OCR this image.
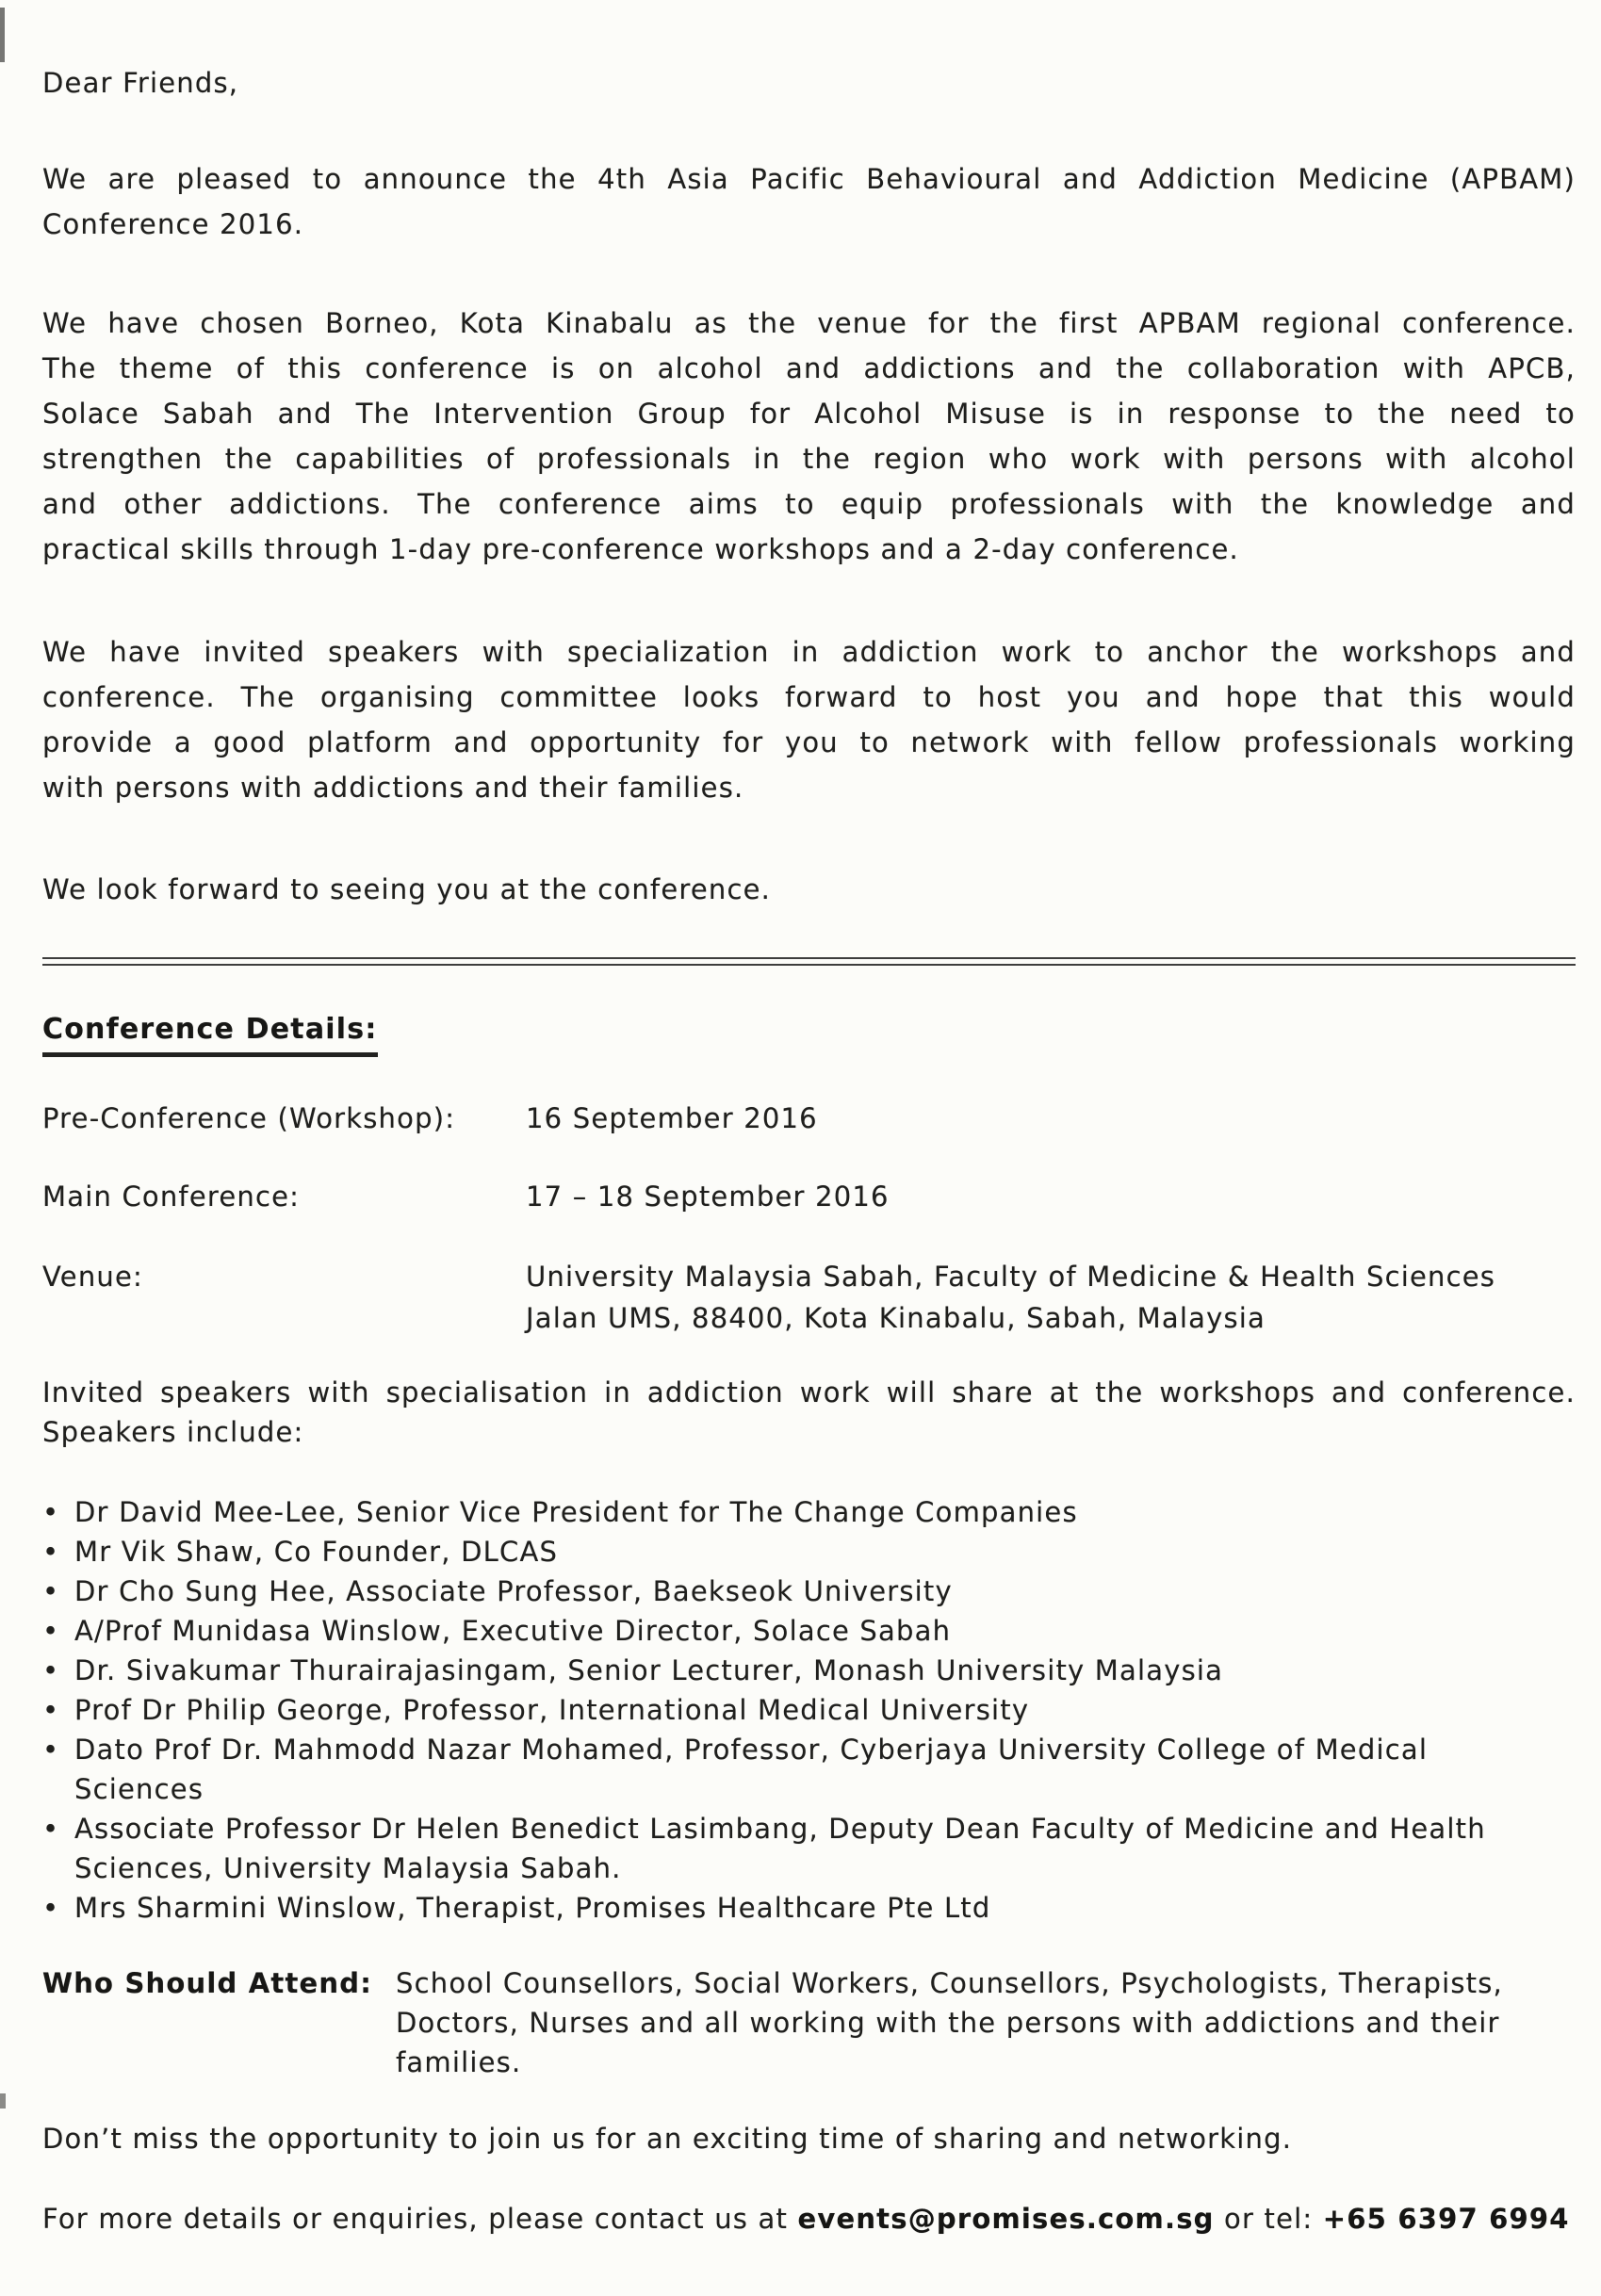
Dear Friends,
We are pleased to announce the 4th Asia Pacific Behavioural and Addiction Medicine (APBAM)
Conference 2016.
We have chosen Borneo, Kota Kinabalu as the venue for the first APBAM regional conference.
The theme of this conference is on alcohol and addictions and the collaboration with APCB,
Solace Sabah and The Intervention Group for Alcohol Misuse is in response to the need to
strengthen the capabilities of professionals in the region who work with persons with alcohol
and other addictions. The conference aims to equip professionals with the knowledge and
practical skills through 1-day pre-conference workshops and a 2-day conference.
We have invited speakers with specialization in addiction work to anchor the workshops and
conference. The organising committee looks forward to host you and hope that this would
provide a good platform and opportunity for you to network with fellow professionals working
with persons with addictions and their families.
We look forward to seeing you at the conference.
Conference Details:
Pre-Conference (Workshop):	16 September 2016
Main Conference:	17 – 18 September 2016
Venue:	University Malaysia Sabah, Faculty of Medicine & Health Sciences
Jalan UMS, 88400, Kota Kinabalu, Sabah, Malaysia
Invited speakers with specialisation in addiction work will share at the workshops and conference.
Speakers include:
• Dr David Mee-Lee, Senior Vice President for The Change Companies
• Mr Vik Shaw, Co Founder, DLCAS
• Dr Cho Sung Hee, Associate Professor, Baekseok University
• A/Prof Munidasa Winslow, Executive Director, Solace Sabah
• Dr. Sivakumar Thurairajasingam, Senior Lecturer, Monash University Malaysia
• Prof Dr Philip George, Professor, International Medical University
• Dato Prof Dr. Mahmodd Nazar Mohamed, Professor, Cyberjaya University College of Medical
Sciences
• Associate Professor Dr Helen Benedict Lasimbang, Deputy Dean Faculty of Medicine and Health
Sciences, University Malaysia Sabah.
• Mrs Sharmini Winslow, Therapist, Promises Healthcare Pte Ltd
Who Should Attend: School Counsellors, Social Workers, Counsellors, Psychologists, Therapists,
Doctors, Nurses and all working with the persons with addictions and their
families.
Don’t miss the opportunity to join us for an exciting time of sharing and networking.
For more details or enquiries, please contact us at events@promises.com.sg or tel: +65 6397 6994
